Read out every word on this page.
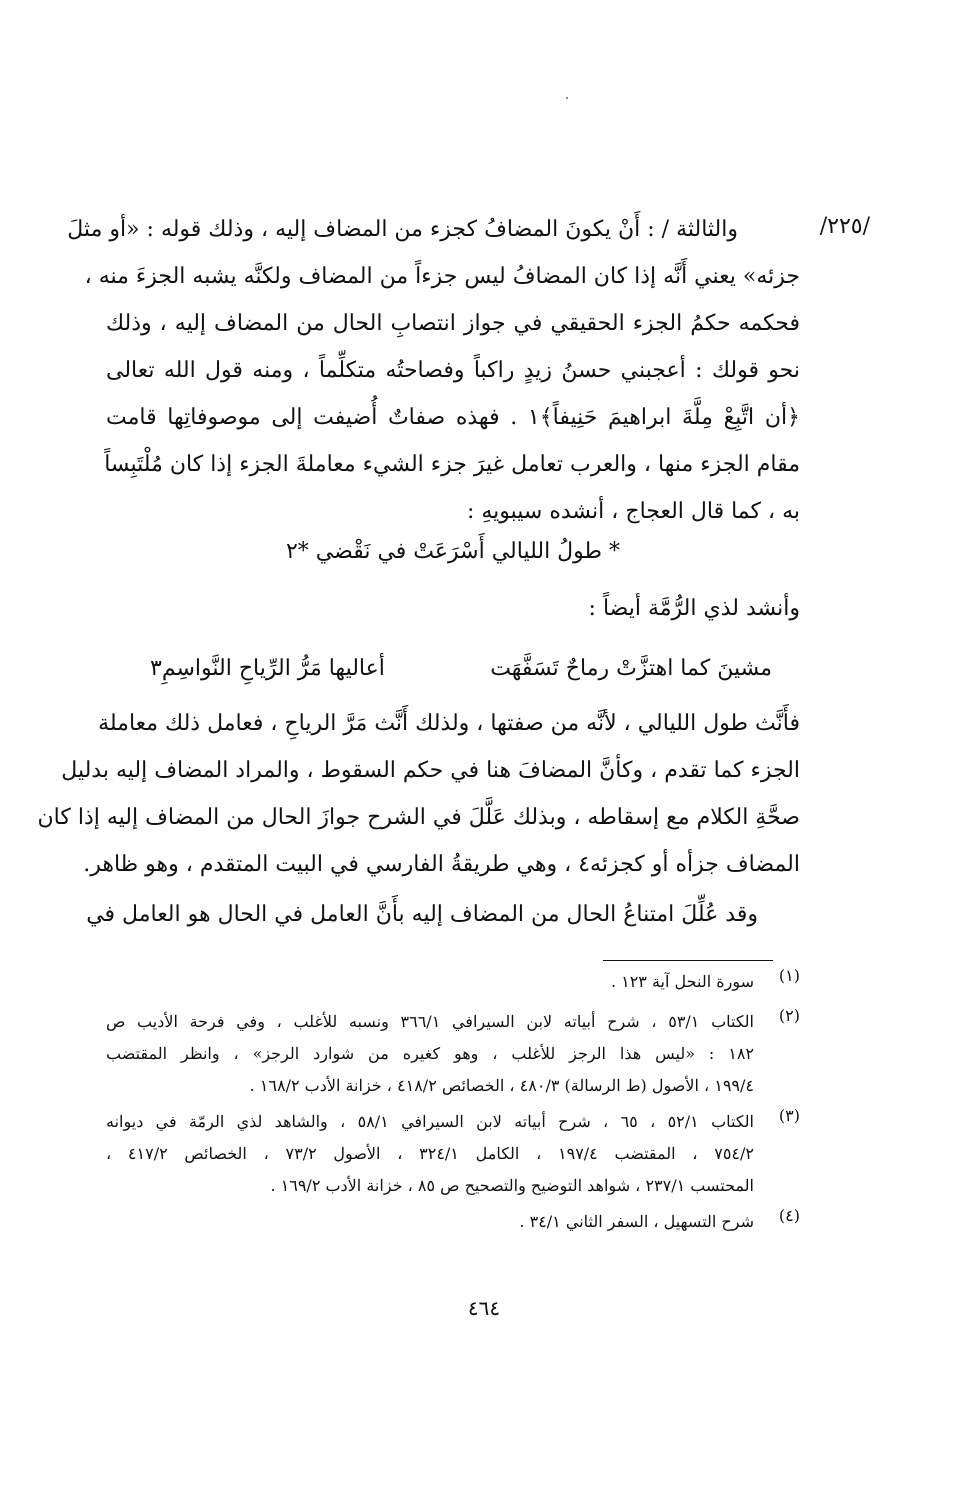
/٢٢٥/
والثالثة / : أَنْ يكونَ المضافُ كجزء من المضاف إليه ، وذلك قوله : «أو مثلَ
جزئه» يعني أَنَّه إذا كان المضافُ ليس جزءاً من المضاف ولكنَّه يشبه الجزءَ منه ،
فحكمه حكمُ الجزء الحقيقي في جواز انتصابِ الحال من المضاف إليه ، وذلك
نحو قولك : أعجبني حسنُ زيدٍ راكباً وفصاحتُه متكلِّماً ، ومنه قول الله تعالى
﴿أن اتَّبِعْ مِلَّةَ ابراهيمَ حَنِيفاً﴾١ . فهذه صفاتٌ أُضيفت إلى موصوفاتِها قامت
مقام الجزء منها ، والعرب تعامل غيرَ جزء الشيء معاملةَ الجزء إذا كان مُلْتَبِساً
به ، كما قال العجاج ، أنشده سيبويهِ :
* طولُ الليالي أَسْرَعَتْ في نَقْضي *٢
وأنشد لذي الرُّمَّة أيضاً :
مشينَ كما اهتزَّتْ رماحٌ تَسَفَّهَت
أعاليها مَرُّ الرِّياحِ النَّواسِمِ٣
فأَنَّث طول الليالي ، لأنَّه من صفتها ، ولذلك أَنَّث مَرَّ الرياحِ ، فعامل ذلك معاملة
الجزء كما تقدم ، وكأنَّ المضافَ هنا في حكم السقوط ، والمراد المضاف إليه بدليل
صحَّةِ الكلام مع إسقاطه ، وبذلك عَلَّلَ في الشرح جوازَ الحال من المضاف إليه إذا كان
المضاف جزأه أو كجزئه٤ ، وهي طريقةُ الفارسي في البيت المتقدم ، وهو ظاهر.
وقد عُلِّلَ امتناعُ الحال من المضاف إليه بأَنَّ العامل في الحال هو العامل في
(١)
سورة النحل آية ١٢٣ .
(٢)
الكتاب ٥٣/١ ، شرح أبياته لابن السيرافي ٣٦٦/١ ونسبه للأغلب ، وفي فرحة الأديب ص
١٨٢ : «ليس هذا الرجز للأغلب ، وهو كغيره من شوارد الرجز» ، وانظر المقتضب
١٩٩/٤ ، الأصول (ط الرسالة) ٤٨٠/٣ ، الخصائص ٤١٨/٢ ، خزانة الأدب ١٦٨/٢ .
(٣)
الكتاب ٥٢/١ ، ٦٥ ، شرح أبياته لابن السيرافي ٥٨/١ ، والشاهد لذي الرمّة في ديوانه
٧٥٤/٢ ، المقتضب ١٩٧/٤ ، الكامل ٣٢٤/١ ، الأصول ٧٣/٢ ، الخصائص ٤١٧/٢ ،
المحتسب ٢٣٧/١ ، شواهد التوضيح والتصحيح ص ٨٥ ، خزانة الأدب ١٦٩/٢ .
(٤)
شرح التسهيل ، السفر الثاني ٣٤/١ .
٤٦٤
